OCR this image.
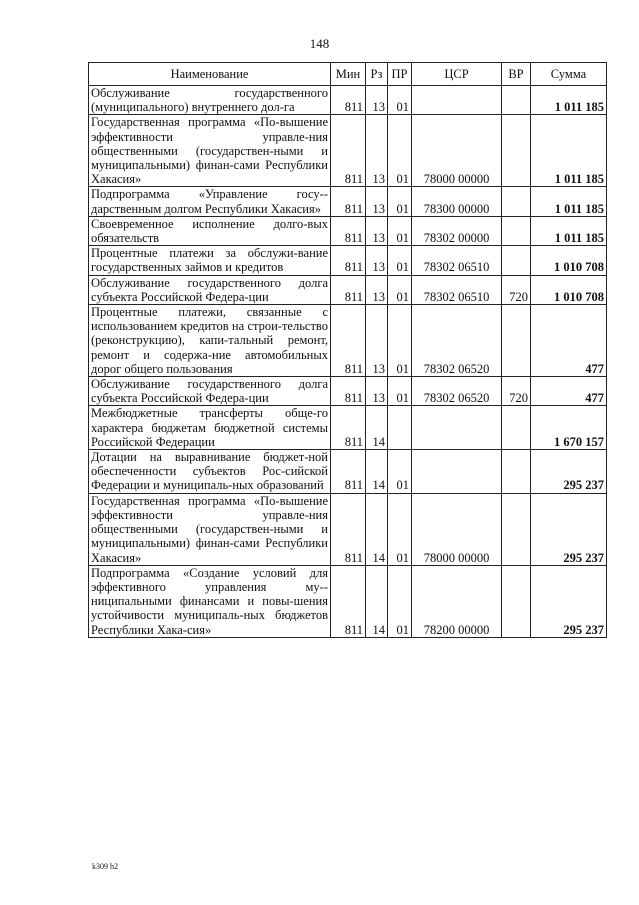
148
Наименование	Мин	Рз	ПР	ЦСР	ВР	Сумма
Обслуживание государственного (муниципального) внутреннего дол-га	811	13	01			1 011 185
Государственная программа «По-вышение эффективности управле-ния общественными (государствен-ными и муниципальными) финан-сами Республики Хакасия»	811	13	01	78000 00000		1 011 185
Подпрограмма «Управление госу-дарственным долгом Республики Хакасия»	811	13	01	78300 00000		1 011 185
Своевременное исполнение долго-вых обязательств	811	13	01	78302 00000		1 011 185
Процентные платежи за обслужи-вание государственных займов и кредитов	811	13	01	78302 06510		1 010 708
Обслуживание государственного долга субъекта Российской Федера-ции	811	13	01	78302 06510	720	1 010 708
Процентные платежи, связанные с использованием кредитов на строи-тельство (реконструкцию), капи-тальный ремонт, ремонт и содержа-ние автомобильных дорог общего пользования	811	13	01	78302 06520		477
Обслуживание государственного долга субъекта Российской Федера-ции	811	13	01	78302 06520	720	477
Межбюджетные трансферты обще-го характера бюджетам бюджетной системы Российской Федерации	811	14				1 670 157
Дотации на выравнивание бюджет-ной обеспеченности субъектов Рос-сийской Федерации и муниципаль-ных образований	811	14	01			295 237
Государственная программа «По-вышение эффективности управле-ния общественными (государствен-ными и муниципальными) финан-сами Республики Хакасия»	811	14	01	78000 00000		295 237
Подпрограмма «Создание условий для эффективного управления му-ниципальными финансами и повы-шения устойчивости муниципаль-ных бюджетов Республики Хака-сия»	811	14	01	78200 00000		295 237
k309 h2
